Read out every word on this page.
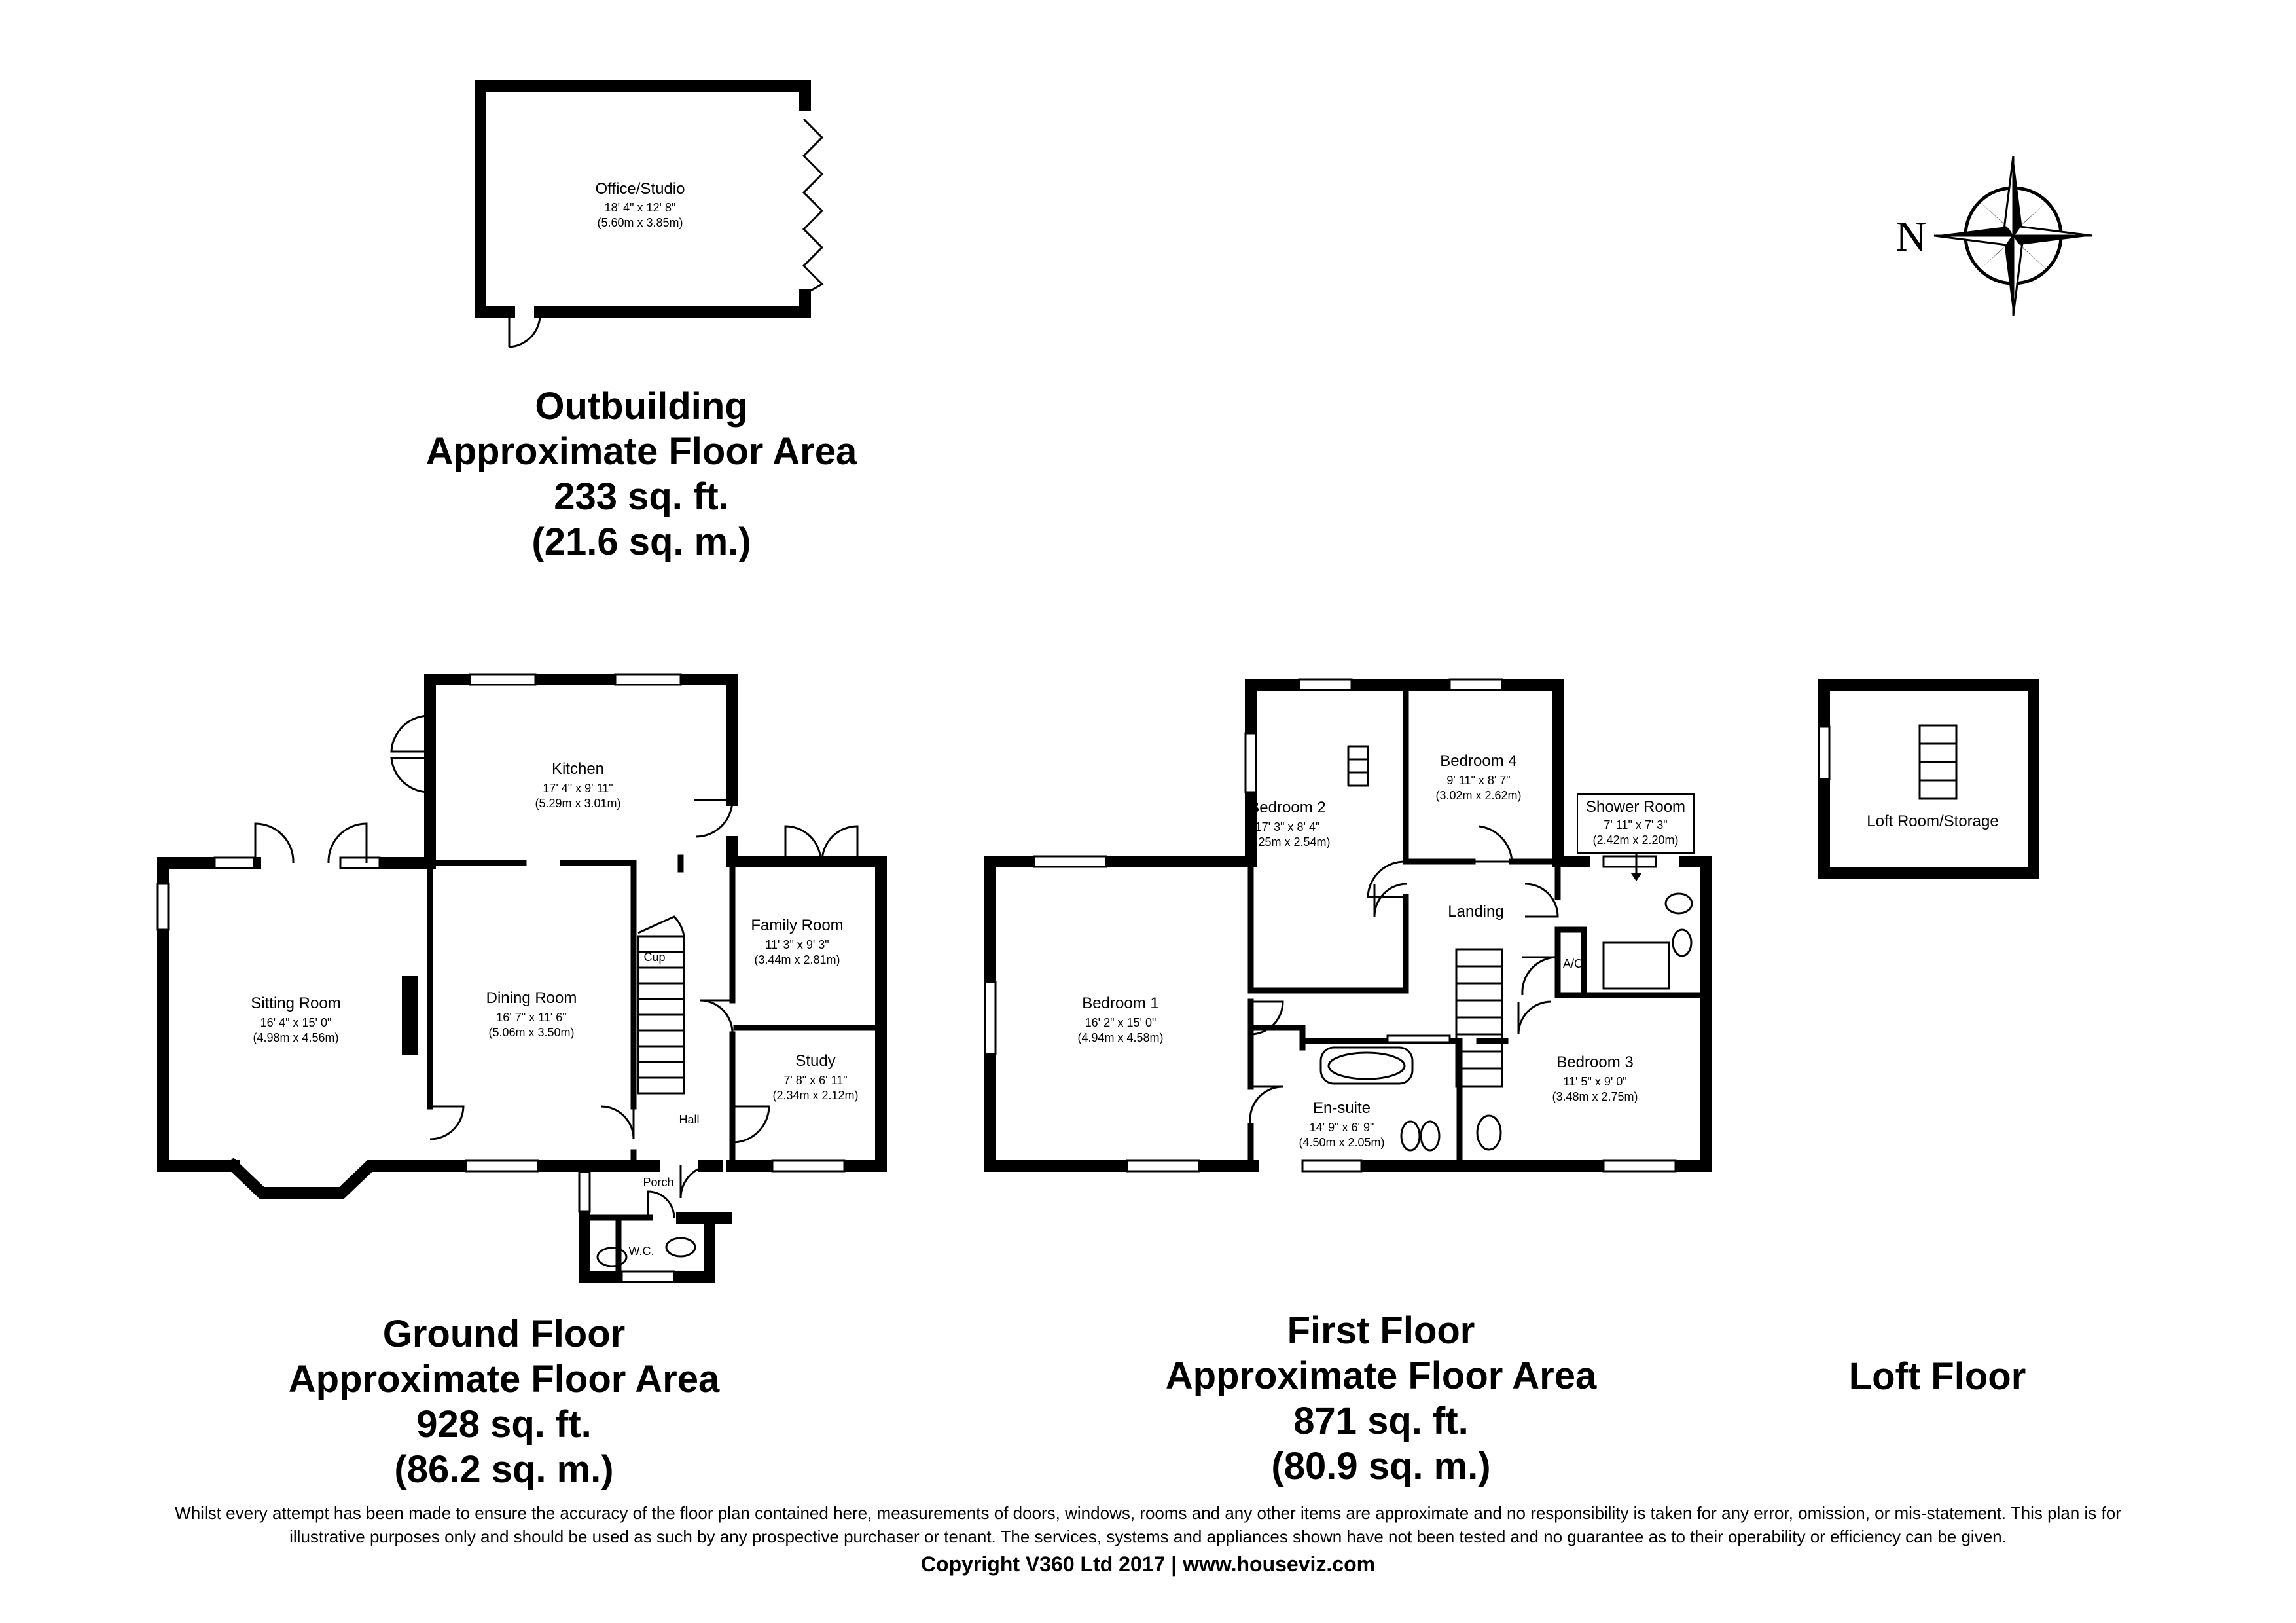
Office/Studio
18' 4" x 12' 8"
(5.60m x 3.85m)	N
Kitchen
17' 4" x 9' 11"
(5.29m x 3.01m)
Sitting Room
16' 4" x 15' 0"
(4.98m x 4.56m)
Dining Room
16' 7" x 11' 6"
(5.06m x 3.50m)
Family Room
11' 3" x 9' 3"
(3.44m x 2.81m)
Study
7' 8" x 6' 11"
(2.34m x 2.12m)
Cup
Hall
Porch
W.C.
Bedroom 2
17' 3" x 8' 4"
(5.25m x 2.54m)
Bedroom 4
9' 11" x 8' 7"
(3.02m x 2.62m)
Shower Room
7' 11" x 7' 3"
(2.42m x 2.20m)
Bedroom 1
16' 2" x 15' 0"
(4.94m x 4.58m)
Bedroom 3
11' 5" x 9' 0"
(3.48m x 2.75m)
En-suite
14' 9" x 6' 9"
(4.50m x 2.05m)
Landing
A/C
Loft Room/Storage
Outbuilding
Approximate Floor Area
233 sq. ft.
(21.6 sq. m.)
Ground Floor
Approximate Floor Area
928 sq. ft.
(86.2 sq. m.)
First Floor
Approximate Floor Area
871 sq. ft.
(80.9 sq. m.)
Loft Floor
Whilst every attempt has been made to ensure the accuracy of the floor plan contained here, measurements of doors, windows, rooms and any other items are approximate and no responsibility is taken for any error, omission, or mis-statement. This plan is for
illustrative purposes only and should be used as such by any prospective purchaser or tenant. The services, systems and appliances shown have not been tested and no guarantee as to their operability or efficiency can be given.
Copyright V360 Ltd 2017 | www.houseviz.com
